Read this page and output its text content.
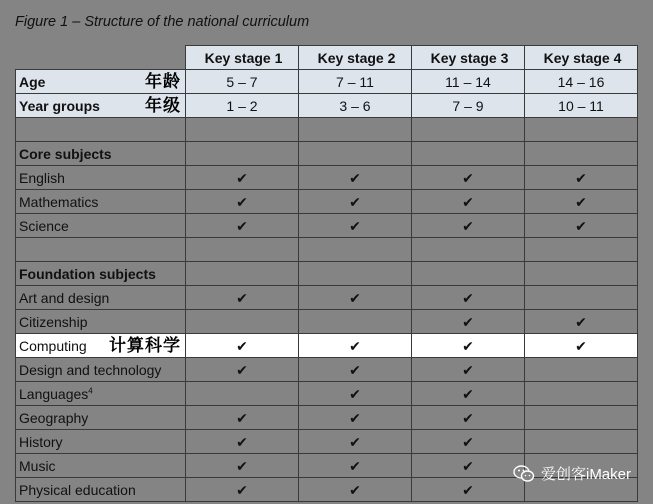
Figure 1 – Structure of the national curriculum
	Key stage 1	Key stage 2	Key stage 3	Key stage 4

Age 年龄	5 – 7	7 – 11	11 – 14	14 – 16

Year groups 年级	1 – 2	3 – 6	7 – 9	10 – 11

Core subjects				
English	✔	✔	✔	✔
Mathematics	✔	✔	✔	✔
Science	✔	✔	✔	✔

Foundation subjects				
Art and design	✔	✔	✔	
Citizenship			✔	✔

Computing 计算科学	✔	✔	✔	✔
Design and technology	✔	✔	✔	
Languages$^4$		✔	✔	
Geography	✔	✔	✔	
History	✔	✔	✔	
Music	✔	✔	✔	
Physical education	✔	✔	✔	
爱创客iMaker
